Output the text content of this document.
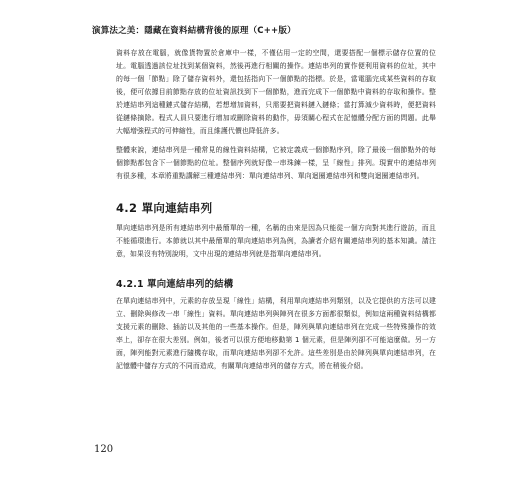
演算法之美：隱藏在資料結構背後的原理（C++版）

資料存放在電腦，就像貨物置於倉庫中一樣，不僅佔用一定的空間，還要搭配一個標示儲存位置的位址。電腦透過該位址找到某個資料，然後再進行相關的操作。連結串列的實作便利用資料的位址，其中的每一個「節點」除了儲存資料外，還包括指向下一個節點的指標。於是，當電腦完成某些資料的存取後，便可依據目前節點存放的位址資訊找到下一個節點，進而完成下一個節點中資料的存取和操作。整於連結串列這種鏈式儲存結構，若想增加資料，只需要把資料鏈入鏈條；當打算減少資料時，便把資料從鏈條摘除。程式人員只要進行增加或刪除資料的動作，毋須關心程式在記憶體分配方面的問題。此舉大幅增強程式的可伸縮性，而且維護代價也降低許多。

整體來說，連結串列是一種常見的線性資料結構，它被定義成一個節點序列，除了最後一個節點外的每個節點都包含下一個節點的位址。整個序列就好像一串珠鍊一樣，呈「線性」排列。現實中的連結串列有很多種，本章將重點講解三種連結串列：單向連結串列、單向迴圈連結串列和雙向迴圈連結串列。

4.2 單向連結串列

單向連結串列是所有連結串列中最簡單的一種，名稱的由來是因為只能從一個方向對其進行遊訪，而且不能循環進行。本節就以其中最簡單的單向連結串列為例，為讀者介紹有關連結串列的基本知識。請注意，如果沒有特別說明，文中出現的連結串列就是指單向連結串列。

4.2.1 單向連結串列的結構

在單向連結串列中，元素的存放呈現「線性」結構，利用單向連結串列類別，以及它提供的方法可以建立、刪除與修改一串「線性」資料。單向連結串列與陣列在很多方面都很類似，例如這兩種資料結構都支援元素的刪除、插訪以及其他的一些基本操作。但是，陣列與單向連結串列在完成一些特殊操作的效率上，卻存在很大差別。例如，後者可以很方便地移動第 1 個元素，但是陣列卻不可能這麼做。另一方面，陣列能對元素進行隨機存取，而單向連結串列卻不允許。這些差別是由於陣列與單向連結串列，在記憶體中儲存方式的不同而造成，有關單向連結串列的儲存方式，將在稍後介紹。

120
